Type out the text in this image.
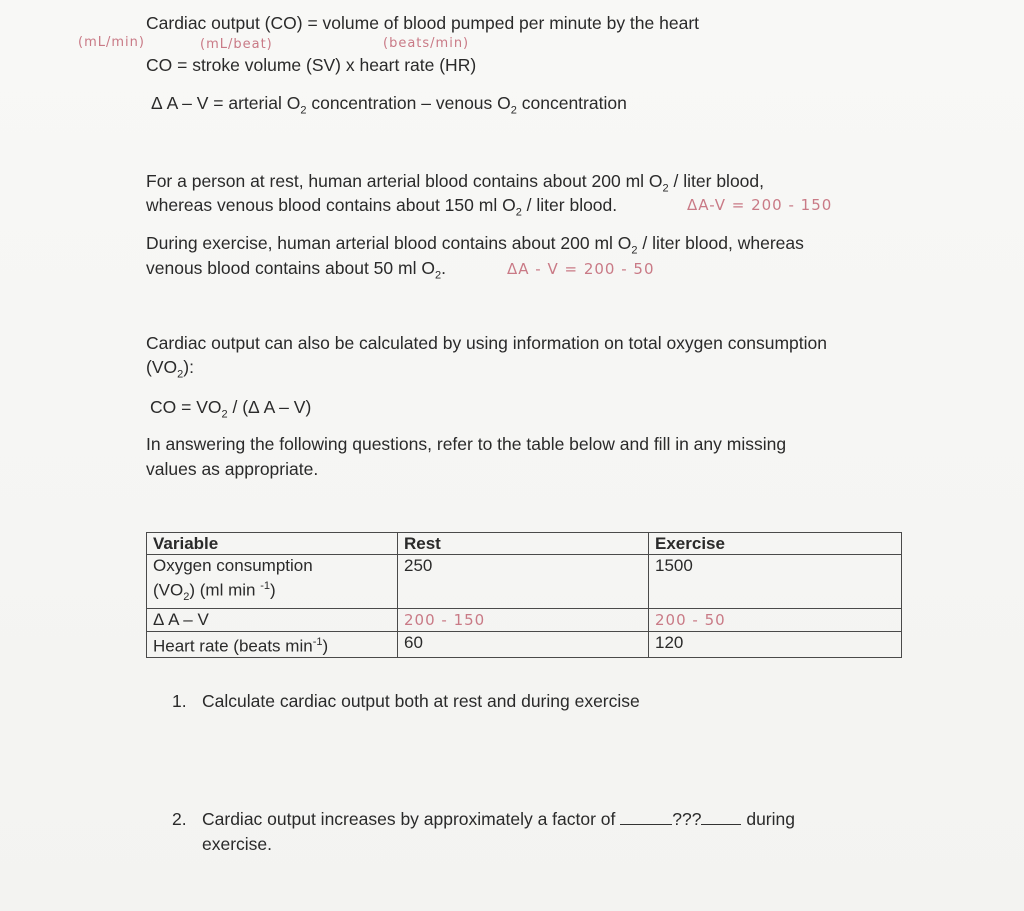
Cardiac output (CO) = volume of blood pumped per minute by the heart
(mL/min)	(mL/beat)	(beats/min)
CO = stroke volume (SV) x heart rate (HR)
Δ A – V = arterial $O_2$ concentration – venous $O_2$ concentration
For a person at rest, human arterial blood contains about 200 ml $O_2$ / liter blood,
whereas venous blood contains about 150 ml $O_2$ / liter blood.	ΔA-V = 200 - 150
During exercise, human arterial blood contains about 200 ml $O_2$ / liter blood, whereas
venous blood contains about 50 ml $O_2$.	ΔA - V = 200 - 50
Cardiac output can also be calculated by using information on total oxygen consumption
$(VO_2)$:
CO = $VO_2 / (\Delta$ A – V)
In answering the following questions, refer to the table below and fill in any missing
values as appropriate.
Variable	Rest	Exercise
Oxygen consumption
$(VO_2)$ (ml min $^{-1}$)	250	1500
Δ A – V	200 - 150	200 - 50
Heart rate (beats $\min^{-1}$)	60	120
1. Calculate cardiac output both at rest and during exercise
2. Cardiac output increases by approximately a factor of	??? during
exercise.
